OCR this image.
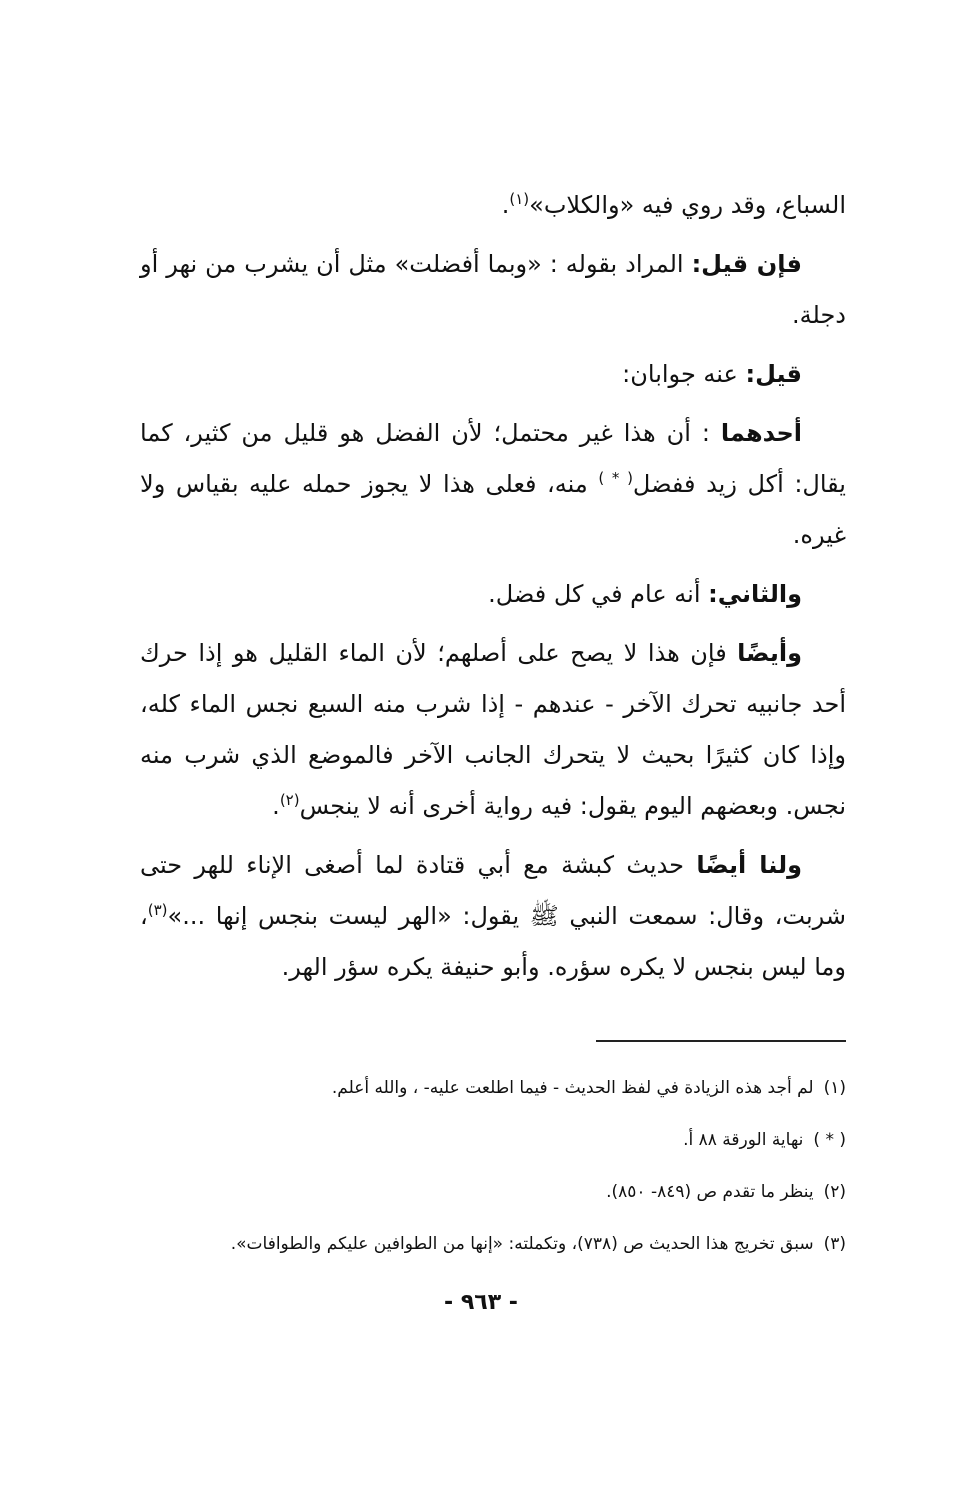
السباع، وقد روي فيه «والكلاب»$^{(١)}$.

فإن قيل: المراد بقوله : «وبما أفضلت» مثل أن يشرب من نهر أو دجلة.

قيل: عنه جوابان:

أحدهما : أن هذا غير محتمل؛ لأن الفضل هو قليل من كثير، كما يقال: أكل زيد ففضل( * ) منه، فعلى هذا لا يجوز حمله عليه بقياس ولا غيره.

والثاني: أنه عام في كل فضل.

وأيضًا فإن هذا لا يصح على أصلهم؛ لأن الماء القليل هو إذا حرك أحد جانبيه تحرك الآخر - عندهم - إذا شرب منه السبع نجس الماء كله، وإذا كان كثيرًا بحيث لا يتحرك الجانب الآخر فالموضع الذي شرب منه نجس. وبعضهم اليوم يقول: فيه رواية أخرى أنه لا ينجس$^{(٢)}$.

ولنا أيضًا حديث كبشة مع أبي قتادة لما أصغى الإناء للهر حتى شربت، وقال: سمعت النبي ﷺ يقول: «الهر ليست بنجس إنها ...»$^{(٣)}$، وما ليس بنجس لا يكره سؤره. وأبو حنيفة يكره سؤر الهر.

(١)لم أجد هذه الزيادة في لفظ الحديث - فيما اطلعت عليه- ، والله أعلم.

( * )نهاية الورقة ٨٨ أ.

(٢)ينظر ما تقدم ص (٨٤٩- ٨٥٠).

(٣)سبق تخريج هذا الحديث ص (٧٣٨)، وتكملته: «إنها من الطوافين عليكم والطوافات».

- ٩٦٣ -
